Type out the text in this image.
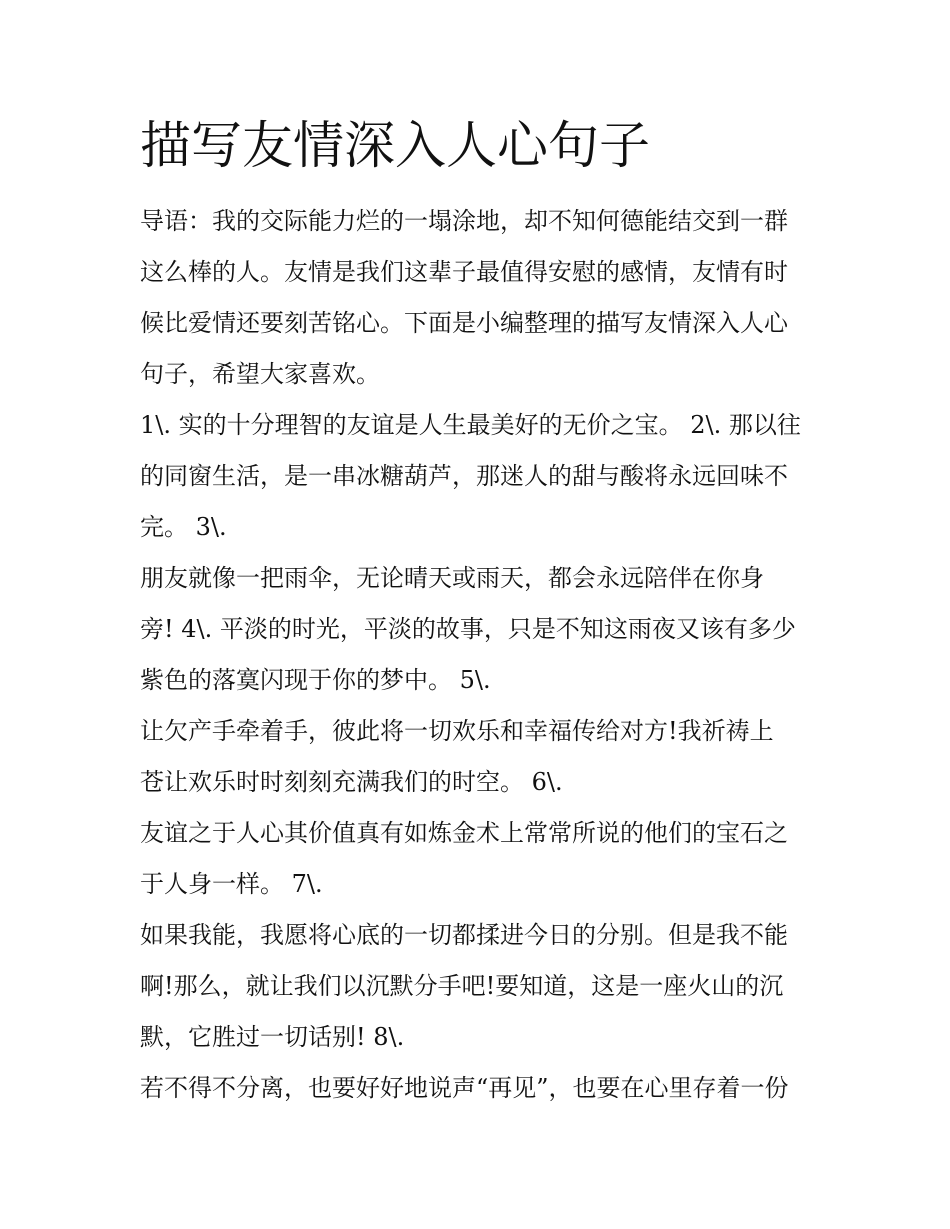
描写友情深入人心句子
导语：我的交际能力烂的一塌涂地，却不知何德能结交到一群
这么棒的人。友情是我们这辈子最值得安慰的感情，友情有时
候比爱情还要刻苦铭心。下面是小编整理的描写友情深入人心
句子，希望大家喜欢。
1\. 实的十分理智的友谊是人生最美好的无价之宝。 2\. 那以往
的同窗生活，是一串冰糖葫芦，那迷人的甜与酸将永远回味不
完。 3\.
朋友就像一把雨伞，无论晴天或雨天，都会永远陪伴在你身
旁! 4\. 平淡的时光，平淡的故事，只是不知这雨夜又该有多少
紫色的落寞闪现于你的梦中。 5\.
让欠产手牵着手，彼此将一切欢乐和幸福传给对方!我祈祷上
苍让欢乐时时刻刻充满我们的时空。 6\.
友谊之于人心其价值真有如炼金术上常常所说的他们的宝石之
于人身一样。 7\.
如果我能，我愿将心底的一切都揉进今日的分别。但是我不能
啊!那么，就让我们以沉默分手吧!要知道，这是一座火山的沉
默，它胜过一切话别! 8\.
若不得不分离，也要好好地说声“再见”，也要在心里存着一份
